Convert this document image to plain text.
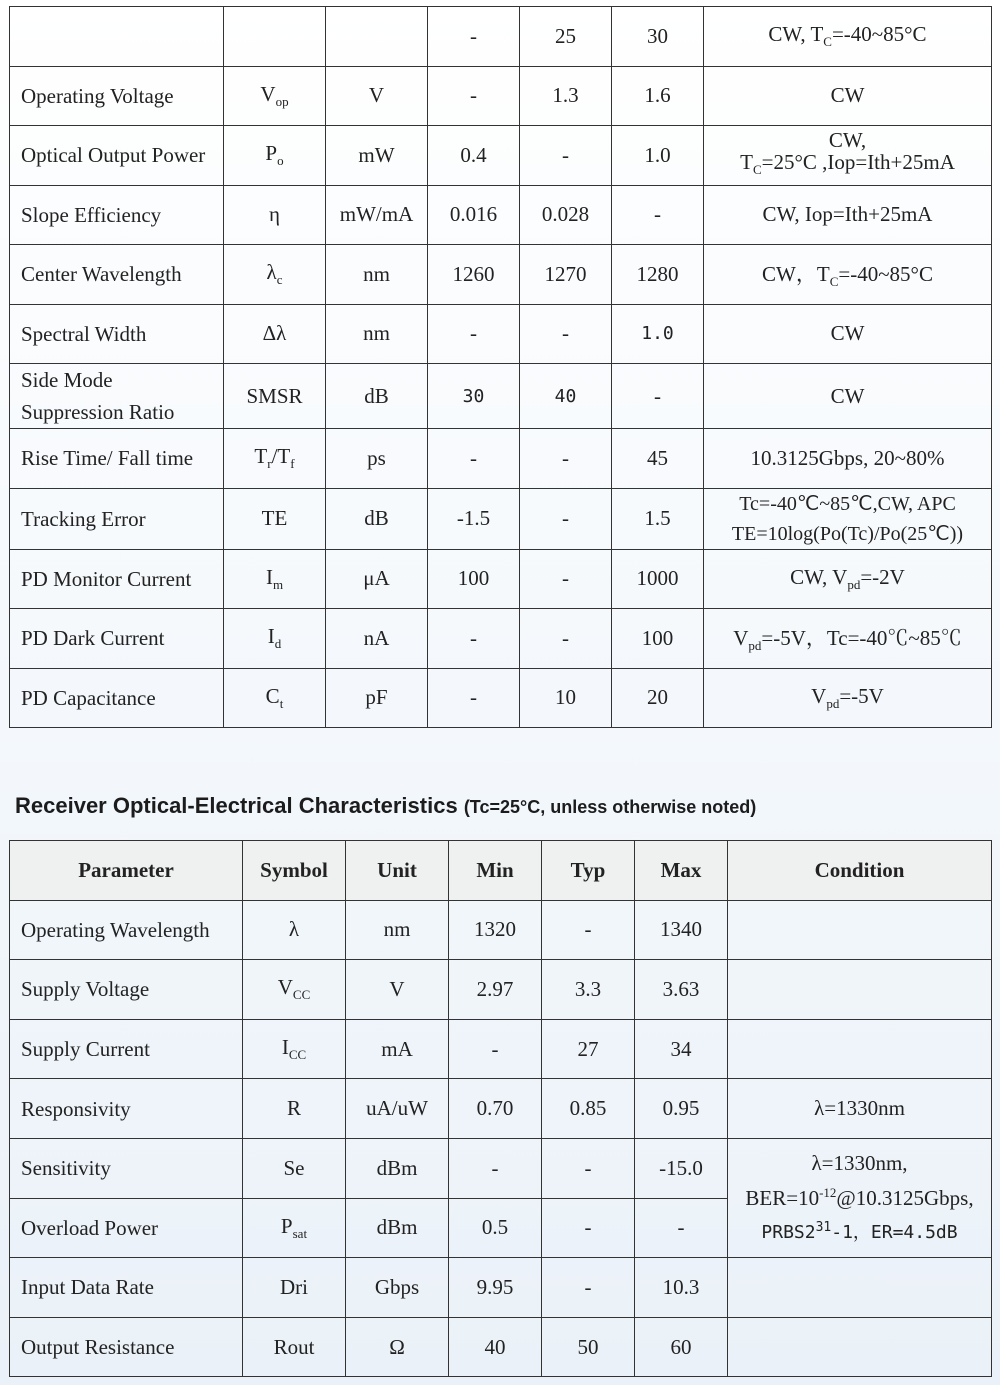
			-	25	30	CW, $T_C=-40\sim 85^\circ C$
Operating Voltage	$V_{op}$	V	-	1.3	1.6	CW
Optical Output Power	$P_o$	mW	0.4	-	1.0	CW,
$T_C=25^\circ C$ ,Iop=Ith+25mA

Slope Efficiency	η	mW/mA	0.016	0.028	-	CW, Iop=Ith+25mA
Center Wavelength	$\lambda_c$	nm	1260	1270	1280	CW，$T_C=-40\sim 85^\circ C$
Spectral Width	Δλ	nm	-	-	1.0	CW
Side Mode Suppression Ratio	SMSR	dB	30	40	-	CW
Rise Time/ Fall time	$T_r/T_f$	ps	-	-	45	10.3125Gbps, 20~80%
Tracking Error	TE	dB	-1.5	-	1.5	Tc=-40℃~85℃,CW, APC
TE=10log(Po(Tc)/Po(25℃))

PD Monitor Current	$I_m$	μA	100	-	1000	CW, $V_{pd}=-2V$
PD Dark Current	$I_d$	nA	-	-	100	$V_{pd}=-5V$，Tc=-40℃~85℃
PD Capacitance	$C_t$	pF	-	10	20	$V_{pd}=-5V$
Receiver Optical-Electrical Characteristics (Tc=25°C, unless otherwise noted)
Parameter	Symbol	Unit	Min	Typ	Max	Condition
Operating Wavelength	λ	nm	1320	-	1340	
Supply Voltage	$V_{CC}$	V	2.97	3.3	3.63	
Supply Current	$I_{CC}$	mA	-	27	34	
Responsivity	R	uA/uW	0.70	0.85	0.95	λ=1330nm
Sensitivity	Se	dBm	-	-	-15.0	λ=1330nm,
$BER=10^{-12}@10.3125Gbps$,
$PRBS2^{31}-1$，ER=4.5dB

Overload Power	$P_{sat}$	dBm	0.5	-	-	
Input Data Rate	Dri	Gbps	9.95	-	10.3	
Output Resistance	Rout	Ω	40	50	60	
